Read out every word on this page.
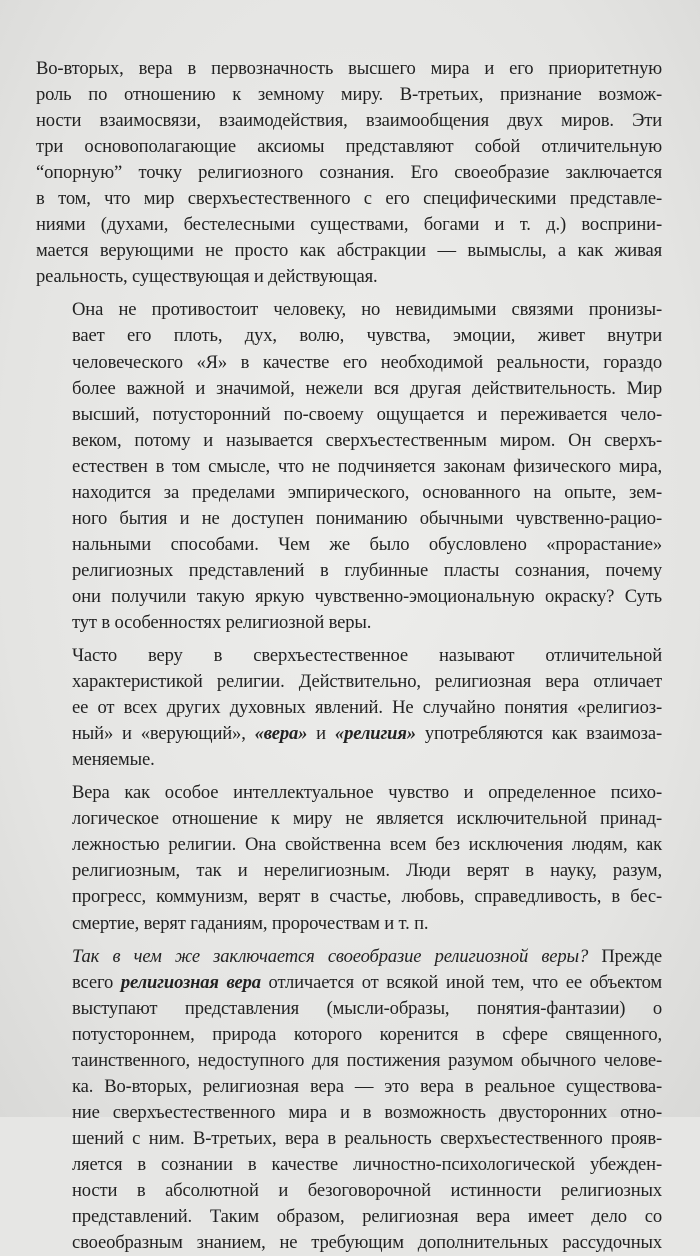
Во-вторых, вера в первозначность высшего мира и его приоритетную
роль по отношению к земному миру. В-третьих, признание возмож-
ности взаимосвязи, взаимодействия, взаимообщения двух миров. Эти
три основополагающие аксиомы представляют собой отличительную
“опорную” точку религиозного сознания. Его своеобразие заключается
в том, что мир сверхъестественного с его специфическими представле-
ниями (духами, бестелесными существами, богами и т. д.) восприни-
мается верующими не просто как абстракции — вымыслы, а как живая
реальность, существующая и действующая.
Она не противостоит человеку, но невидимыми связями пронизы-
вает его плоть, дух, волю, чувства, эмоции, живет внутри
человеческого «Я» в качестве его необходимой реальности, гораздо
более важной и значимой, нежели вся другая действительность. Мир
высший, потусторонний по-своему ощущается и переживается чело-
веком, потому и называется сверхъестественным миром. Он сверхъ-
естествен в том смысле, что не подчиняется законам физического мира,
находится за пределами эмпирического, основанного на опыте, зем-
ного бытия и не доступен пониманию обычными чувственно-рацио-
нальными способами. Чем же было обусловлено «прорастание»
религиозных представлений в глубинные пласты сознания, почему
они получили такую яркую чувственно-эмоциональную окраску? Суть
тут в особенностях религиозной веры.
Часто веру в сверхъестественное называют отличительной
характеристикой религии. Действительно, религиозная вера отличает
ее от всех других духовных явлений. Не случайно понятия «религиоз-
ный» и «верующий», «вера» и «религия» употребляются как взаимоза-
меняемые.
Вера как особое интеллектуальное чувство и определенное психо-
логическое отношение к миру не является исключительной принад-
лежностью религии. Она свойственна всем без исключения людям, как
религиозным, так и нерелигиозным. Люди верят в науку, разум,
прогресс, коммунизм, верят в счастье, любовь, справедливость, в бес-
смертие, верят гаданиям, пророчествам и т. п.
Так в чем же заключается своеобразие религиозной веры? Прежде
всего религиозная вера отличается от всякой иной тем, что ее объектом
выступают представления (мысли-образы, понятия-фантазии) о
потустороннем, природа которого коренится в сфере священного,
таинственного, недоступного для постижения разумом обычного челове-
ка. Во-вторых, религиозная вера — это вера в реальное существова-
ние сверхъестественного мира и в возможность двусторонних отно-
шений с ним. В-третьих, вера в реальность сверхъестественного прояв-
ляется в сознании в качестве личностно-психологической убежден-
ности в абсолютной и безоговорочной истинности религиозных
представлений. Таким образом, религиозная вера имеет дело со
своеобразным знанием, не требующим дополнительных рассудочных
